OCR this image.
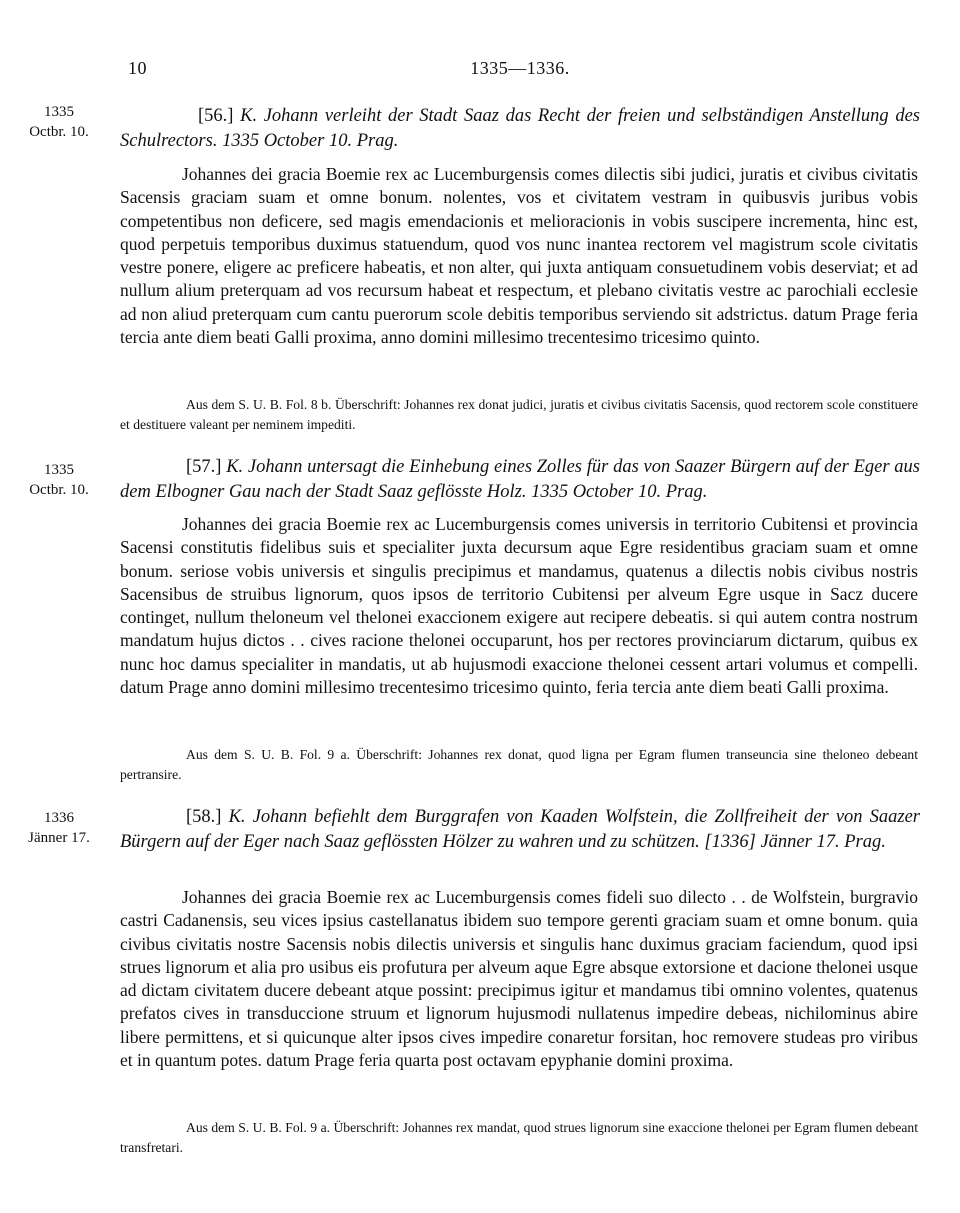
10	1335—1336.
1335
Octbr. 10.
[56.] K. Johann verleiht der Stadt Saaz das Recht der freien und selbständigen Anstellung des Schulrectors. 1335 October 10. Prag.
Johannes dei gracia Boemie rex ac Lucemburgensis comes dilectis sibi judici, juratis et civibus civitatis Sacensis graciam suam et omne bonum. nolentes, vos et civitatem vestram in quibusvis juribus vobis competentibus non deficere, sed magis emendacionis et melioracionis in vobis suscipere incrementa, hinc est, quod perpetuis temporibus duximus statuendum, quod vos nunc inantea rectorem vel magistrum scole civitatis vestre ponere, eligere ac preficere habeatis, et non alter, qui juxta antiquam consuetudinem vobis deserviat; et ad nullum alium preterquam ad vos recursum habeat et respectum, et plebano civitatis vestre ac parochiali ecclesie ad non aliud preterquam cum cantu puerorum scole debitis temporibus serviendo sit adstrictus. datum Prage feria tercia ante diem beati Galli proxima, anno domini millesimo trecentesimo tricesimo quinto.
Aus dem S. U. B. Fol. 8 b. Überschrift: Johannes rex donat judici, juratis et civibus civitatis Sacensis, quod rectorem scole constituere et destituere valeant per neminem impediti.
1335
Octbr. 10.
[57.] K. Johann untersagt die Einhebung eines Zolles für das von Saazer Bürgern auf der Eger aus dem Elbogner Gau nach der Stadt Saaz geflösste Holz. 1335 October 10. Prag.
Johannes dei gracia Boemie rex ac Lucemburgensis comes universis in territorio Cubitensi et provincia Sacensi constitutis fidelibus suis et specialiter juxta decursum aque Egre residentibus graciam suam et omne bonum. seriose vobis universis et singulis precipimus et mandamus, quatenus a dilectis nobis civibus nostris Sacensibus de struibus lignorum, quos ipsos de territorio Cubitensi per alveum Egre usque in Sacz ducere continget, nullum theloneum vel thelonei exaccionem exigere aut recipere debeatis. si qui autem contra nostrum mandatum hujus dictos . . cives racione thelonei occuparunt, hos per rectores provinciarum dictarum, quibus ex nunc hoc damus specialiter in mandatis, ut ab hujusmodi exaccione thelonei cessent artari volumus et compelli. datum Prage anno domini millesimo trecentesimo tricesimo quinto, feria tercia ante diem beati Galli proxima.
Aus dem S. U. B. Fol. 9 a. Überschrift: Johannes rex donat, quod ligna per Egram flumen transeuncia sine theloneo debeant pertransire.
1336
Jänner 17.
[58.] K. Johann befiehlt dem Burggrafen von Kaaden Wolfstein, die Zollfreiheit der von Saazer Bürgern auf der Eger nach Saaz geflössten Hölzer zu wahren und zu schützen. [1336] Jänner 17. Prag.
Johannes dei gracia Boemie rex ac Lucemburgensis comes fideli suo dilecto . . de Wolfstein, burgravio castri Cadanensis, seu vices ipsius castellanatus ibidem suo tempore gerenti graciam suam et omne bonum. quia civibus civitatis nostre Sacensis nobis dilectis universis et singulis hanc duximus graciam faciendum, quod ipsi strues lignorum et alia pro usibus eis profutura per alveum aque Egre absque extorsione et dacione thelonei usque ad dictam civitatem ducere debeant atque possint: precipimus igitur et mandamus tibi omnino volentes, quatenus prefatos cives in transduccione struum et lignorum hujusmodi nullatenus impedire debeas, nichilominus abire libere permittens, et si quicunque alter ipsos cives impedire conaretur forsitan, hoc removere studeas pro viribus et in quantum potes. datum Prage feria quarta post octavam epyphanie domini proxima.
Aus dem S. U. B. Fol. 9 a. Überschrift: Johannes rex mandat, quod strues lignorum sine exaccione thelonei per Egram flumen debeant transfretari.
